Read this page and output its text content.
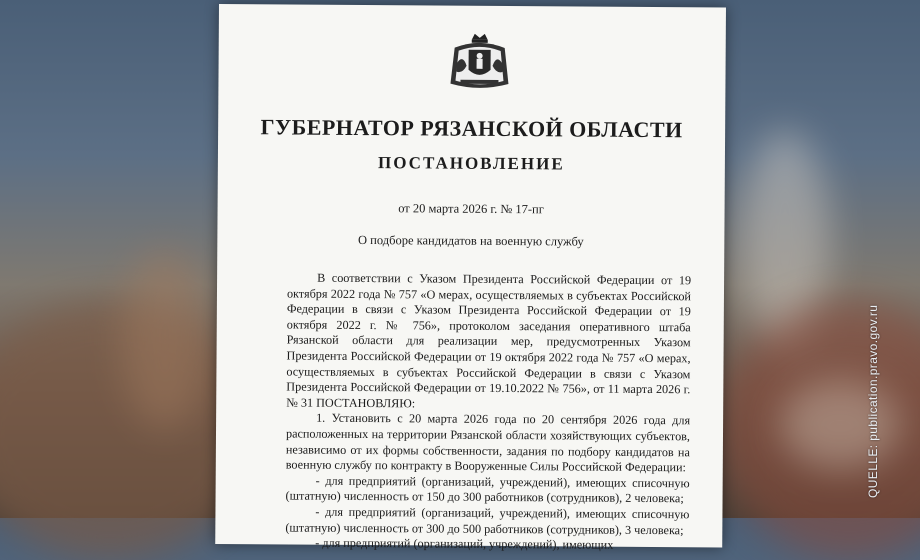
ГУБЕРНАТОР РЯЗАНСКОЙ ОБЛАСТИ
ПОСТАНОВЛЕНИЕ
от 20 марта 2026 г. № 17-пг
О подборе кандидатов на военную службу

В соответствии с Указом Президента Российской Федерации от 19 октября 2022 года № 757 «О мерах, осуществляемых в субъектах Российской Федерации в связи с Указом Президента Российской Федерации от 19 октября 2022 г. № 756», протоколом заседания оперативного штаба Рязанской области для реализации мер, предусмотренных Указом Президента Российской Федерации от 19 октября 2022 года № 757 «О мерах, осуществляемых в субъектах Российской Федерации в связи с Указом Президента Российской Федерации от 19.10.2022 № 756», от 11 марта 2026 г. № 31 ПОСТАНОВЛЯЮ:

1. Установить с 20 марта 2026 года по 20 сентября 2026 года для расположенных на территории Рязанской области хозяйствующих субъектов, независимо от их формы собственности, задания по подбору кандидатов на военную службу по контракту в Вооруженные Силы Российской Федерации:

- для предприятий (организаций, учреждений), имеющих списочную (штатную) численность от 150 до 300 работников (сотрудников), 2 человека;

- для предприятий (организаций, учреждений), имеющих списочную (штатную) численность от 300 до 500 работников (сотрудников), 3 человека;

- для предприятий (организаций, учреждений), имеющих

QUELLE: publication.pravo.gov.ru
